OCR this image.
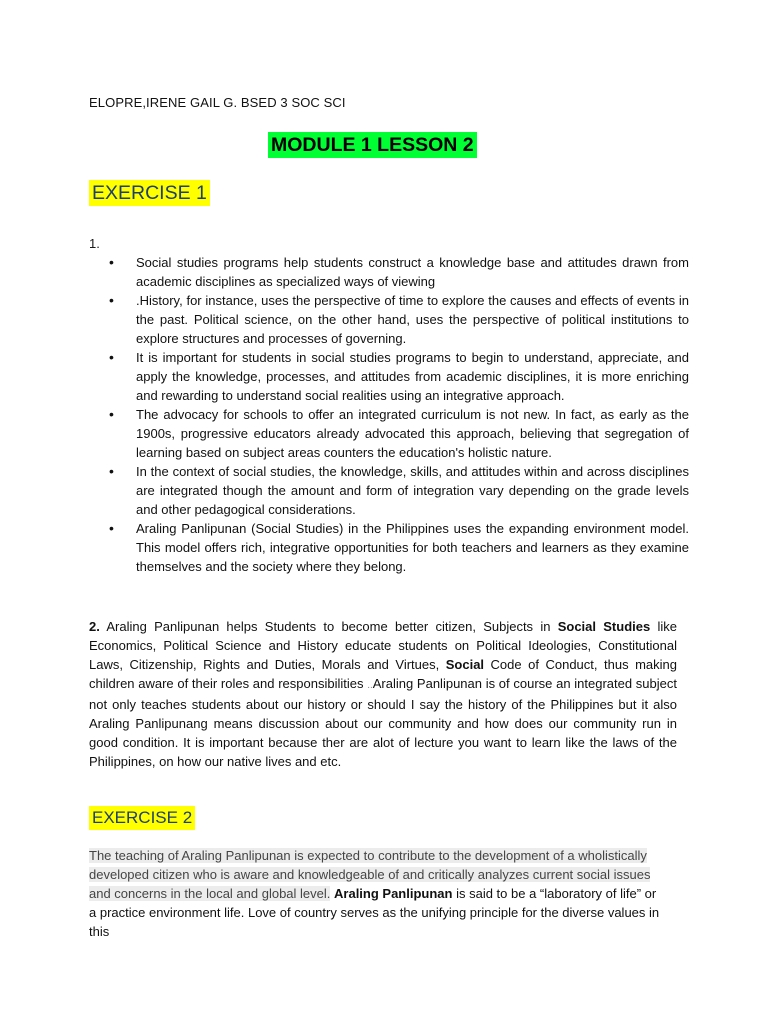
ELOPRE,IRENE GAIL G. BSED 3 SOC SCI
MODULE 1 LESSON 2
EXERCISE 1
1.
• Social studies programs help students construct a knowledge base and attitudes drawn from academic disciplines as specialized ways of viewing
• .History, for instance, uses the perspective of time to explore the causes and effects of events in the past. Political science, on the other hand, uses the perspective of political institutions to explore structures and processes of governing.
• It is important for students in social studies programs to begin to understand, appreciate, and apply the knowledge, processes, and attitudes from academic disciplines, it is more enriching and rewarding to understand social realities using an integrative approach.
• The advocacy for schools to offer an integrated curriculum is not new. In fact, as early as the 1900s, progressive educators already advocated this approach, believing that segregation of learning based on subject areas counters the education's holistic nature.
• In the context of social studies, the knowledge, skills, and attitudes within and across disciplines are integrated though the amount and form of integration vary depending on the grade levels and other pedagogical considerations.
• Araling Panlipunan (Social Studies) in the Philippines uses the expanding environment model. This model offers rich, integrative opportunities for both teachers and learners as they examine themselves and the society where they belong.

2. Araling Panlipunan helps Students to become better citizen, Subjects in Social Studies like Economics, Political Science and History educate students on Political Ideologies, Constitutional Laws, Citizenship, Rights and Duties, Morals and Virtues, Social Code of Conduct, thus making children aware of their roles and responsibilities ..Araling Panlipunan is of course an integrated subject not only teaches students about our history or should I say the history of the Philippines but it also Araling Panlipunang means discussion about our community and how does our community run in good condition. It is important because ther are alot of lecture you want to learn like the laws of the Philippines, on how our native lives and etc.

EXERCISE 2

The teaching of Araling Panlipunan is expected to contribute to the development of a wholistically developed citizen who is aware and knowledgeable of and critically analyzes current social issues and concerns in the local and global level. Araling Panlipunan is said to be a “laboratory of life” or a practice environment life. Love of country serves as the unifying principle for the diverse values in this
